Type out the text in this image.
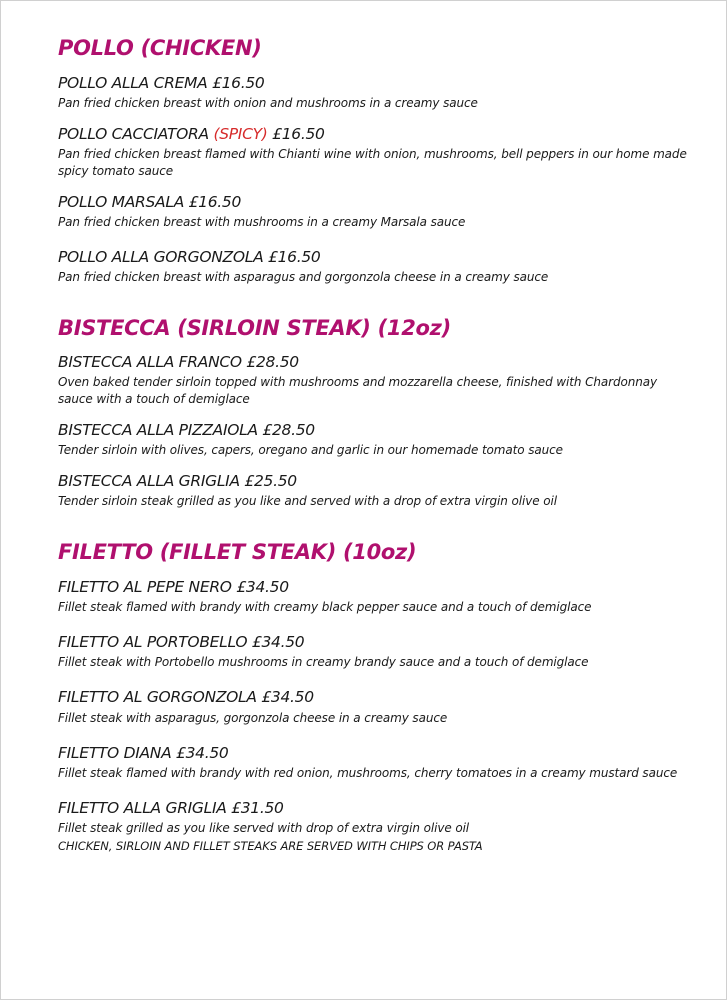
POLLO (CHICKEN)

POLLO ALLA CREMA £16.50

Pan fried chicken breast with onion and mushrooms in a creamy sauce

POLLO CACCIATORA (SPICY) £16.50

Pan fried chicken breast flamed with Chianti wine with onion, mushrooms, bell peppers in our home made spicy tomato sauce

POLLO MARSALA £16.50

Pan fried chicken breast with mushrooms in a creamy Marsala sauce

POLLO ALLA GORGONZOLA £16.50

Pan fried chicken breast with asparagus and gorgonzola cheese in a creamy sauce

BISTECCA (SIRLOIN STEAK) (12oz)

BISTECCA ALLA FRANCO £28.50

Oven baked tender sirloin topped with mushrooms and mozzarella cheese, finished with Chardonnay sauce with a touch of demiglace

BISTECCA ALLA PIZZAIOLA £28.50

Tender sirloin with olives, capers, oregano and garlic in our homemade tomato sauce

BISTECCA ALLA GRIGLIA £25.50

Tender sirloin steak grilled as you like and served with a drop of extra virgin olive oil

FILETTO (FILLET STEAK) (10oz)

FILETTO AL PEPE NERO £34.50

Fillet steak flamed with brandy with creamy black pepper sauce and a touch of demiglace

FILETTO AL PORTOBELLO £34.50

Fillet steak with Portobello mushrooms in creamy brandy sauce and a touch of demiglace

FILETTO AL GORGONZOLA £34.50

Fillet steak with asparagus, gorgonzola cheese in a creamy sauce

FILETTO DIANA £34.50

Fillet steak flamed with brandy with red onion, mushrooms, cherry tomatoes in a creamy mustard sauce

FILETTO ALLA GRIGLIA £31.50

Fillet steak grilled as you like served with drop of extra virgin olive oil

CHICKEN, SIRLOIN AND FILLET STEAKS ARE SERVED WITH CHIPS OR PASTA
